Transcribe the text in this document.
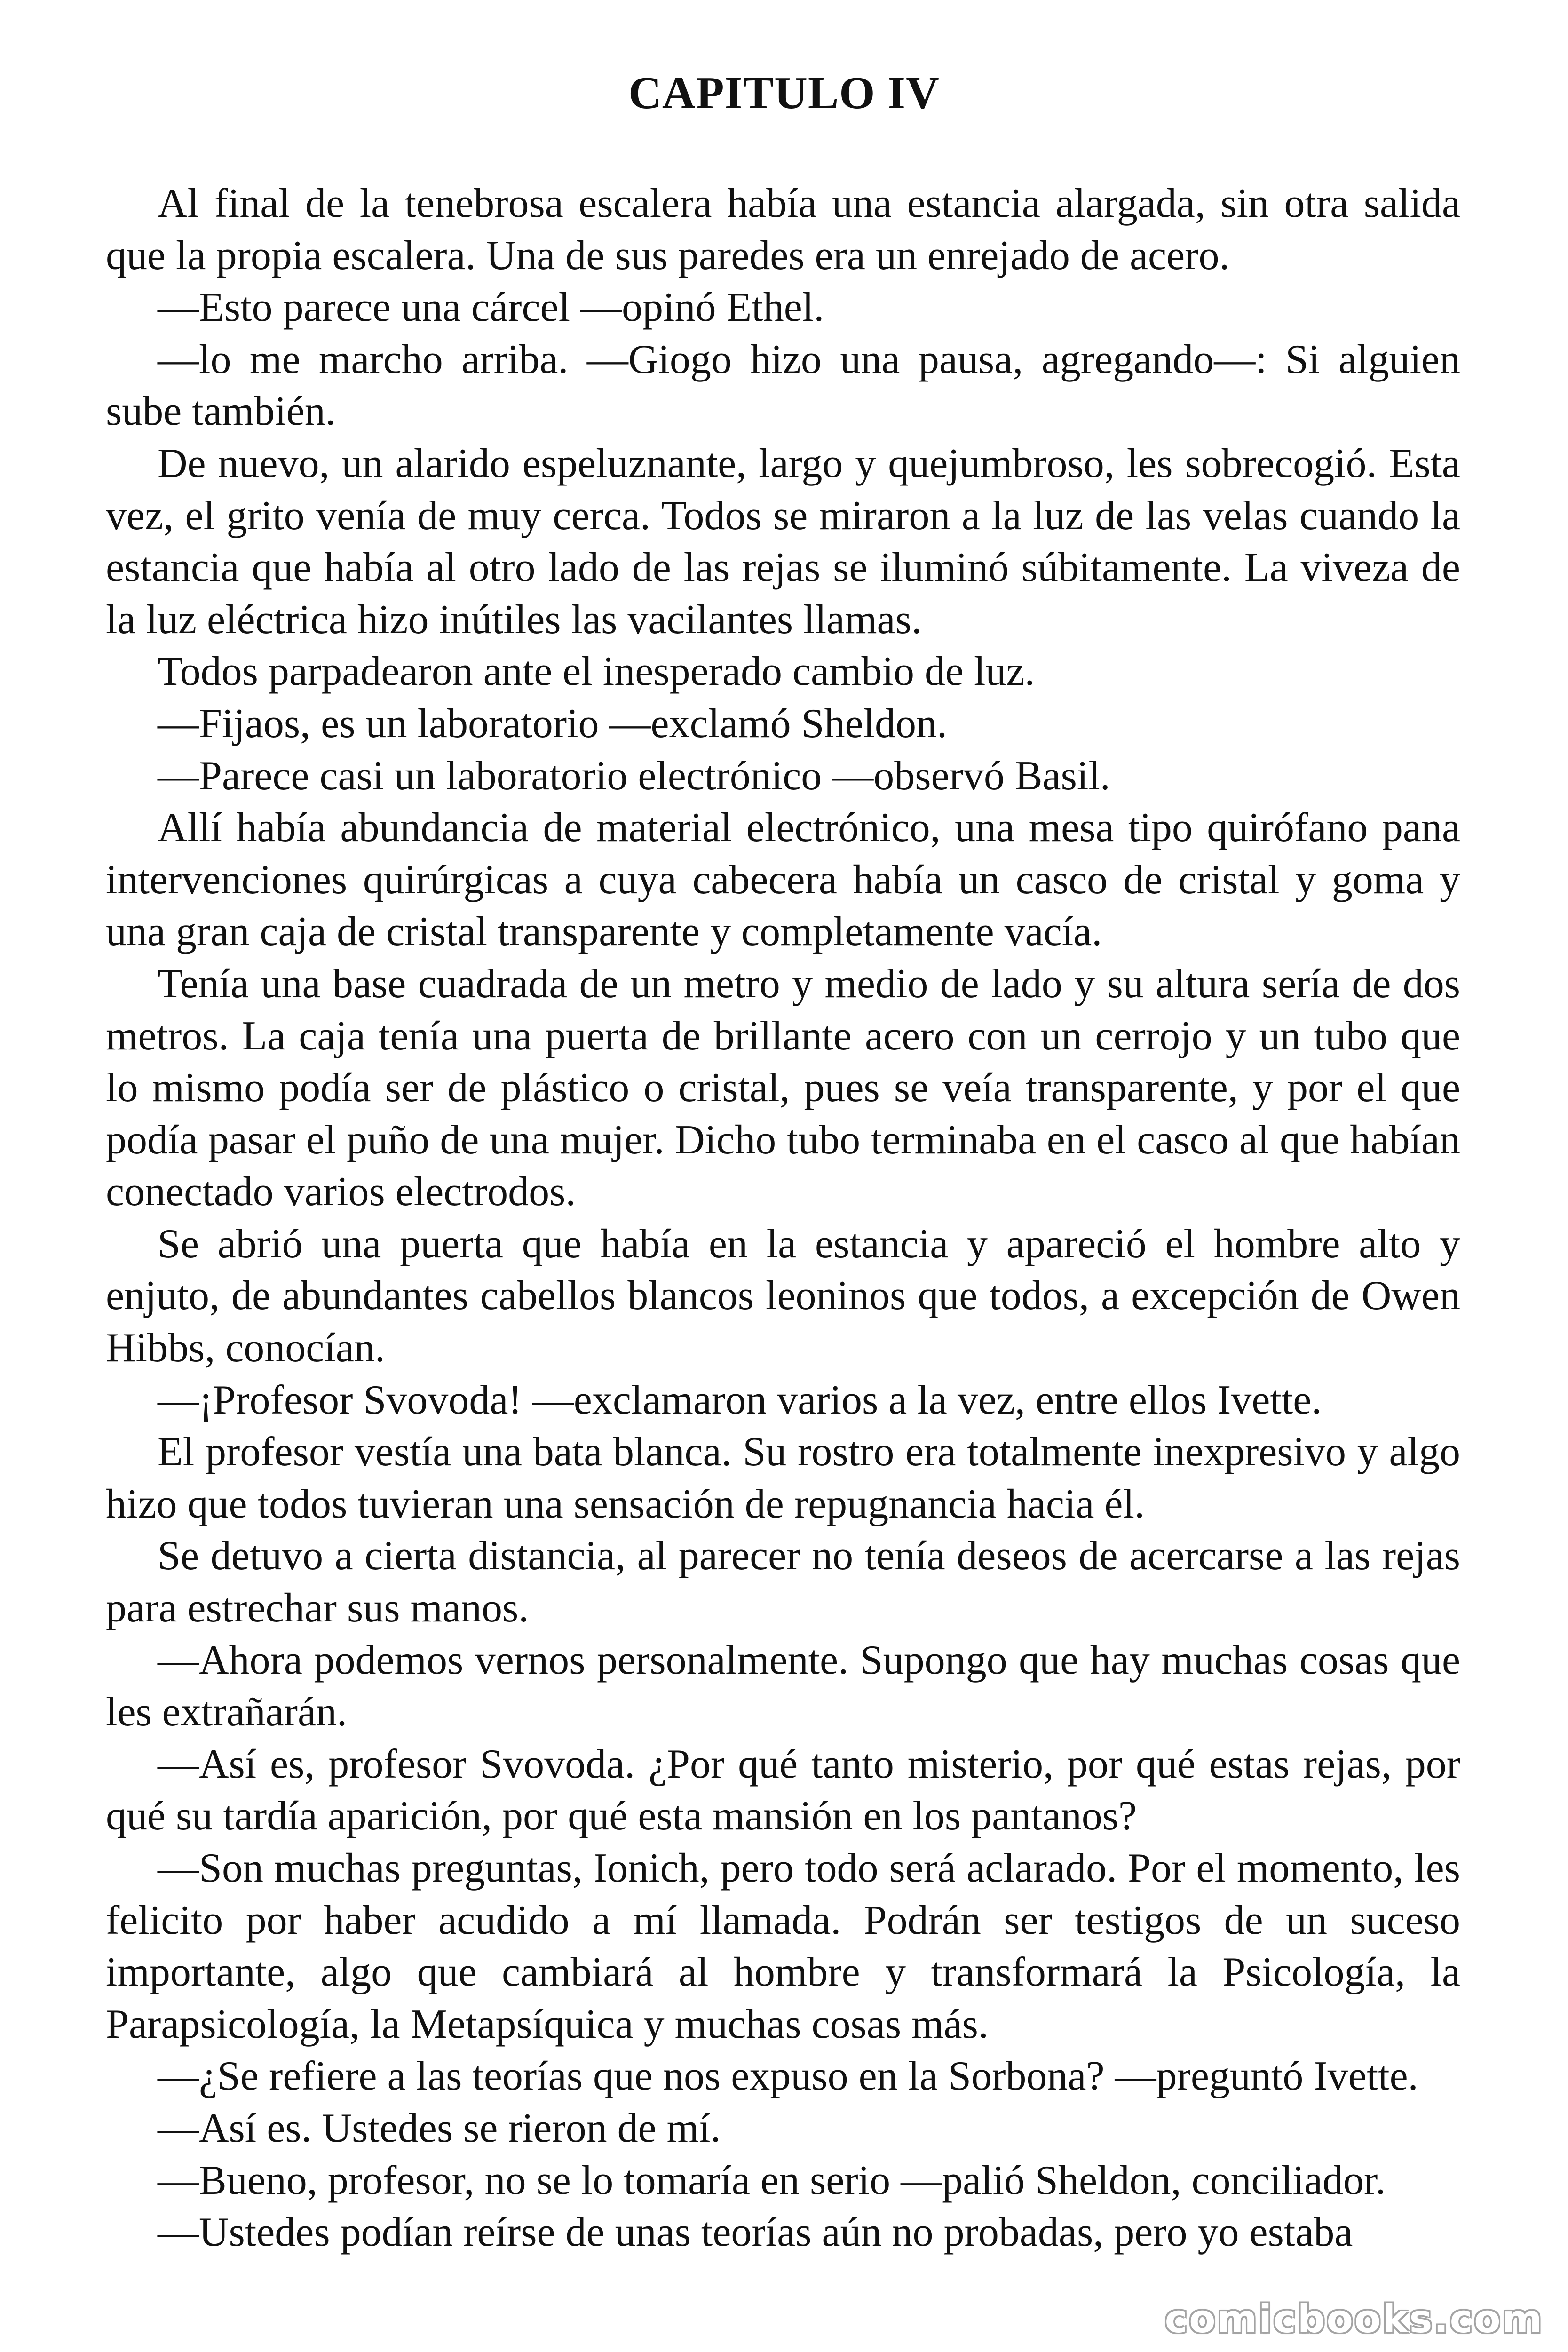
CAPITULO IV

Al final de la tenebrosa escalera había una estancia alargada, sin otra salida que la propia escalera. Una de sus paredes era un enrejado de acero.

—Esto parece una cárcel —opinó Ethel.

—lo me marcho arriba. —Giogo hizo una pausa, agregando—: Si alguien sube también.

De nuevo, un alarido espeluznante, largo y quejumbroso, les sobrecogió. Esta vez, el grito venía de muy cerca. Todos se miraron a la luz de las velas cuando la estancia que había al otro lado de las rejas se iluminó súbitamente. La viveza de la luz eléctrica hizo inútiles las vacilantes llamas.

Todos parpadearon ante el inesperado cambio de luz.

—Fijaos, es un laboratorio —exclamó Sheldon.

—Parece casi un laboratorio electrónico —observó Basil.

Allí había abundancia de material electrónico, una mesa tipo quirófano pana intervenciones quirúrgicas a cuya cabecera había un casco de cristal y goma y una gran caja de cristal transparente y completamente vacía.

Tenía una base cuadrada de un metro y medio de lado y su altura sería de dos metros. La caja tenía una puerta de brillante acero con un cerrojo y un tubo que lo mismo podía ser de plástico o cristal, pues se veía transparente, y por el que podía pasar el puño de una mujer. Dicho tubo terminaba en el casco al que habían conectado varios electrodos.

Se abrió una puerta que había en la estancia y apareció el hombre alto y enjuto, de abundantes cabellos blancos leoninos que todos, a excepción de Owen Hibbs, conocían.

—¡Profesor Svovoda! —exclamaron varios a la vez, entre ellos Ivette.

El profesor vestía una bata blanca. Su rostro era totalmente inexpresivo y algo hizo que todos tuvieran una sensación de repugnancia hacia él.

Se detuvo a cierta distancia, al parecer no tenía deseos de acercarse a las rejas para estrechar sus manos.

—Ahora podemos vernos personalmente. Supongo que hay muchas cosas que les extrañarán.

—Así es, profesor Svovoda. ¿Por qué tanto misterio, por qué estas rejas, por qué su tardía aparición, por qué esta mansión en los pantanos?

—Son muchas preguntas, Ionich, pero todo será aclarado. Por el momento, les felicito por haber acudido a mí llamada. Podrán ser testigos de un suceso importante, algo que cambiará al hombre y transformará la Psicología, la Parapsicología, la Metapsíquica y muchas cosas más.

—¿Se refiere a las teorías que nos expuso en la Sorbona? —preguntó Ivette.

—Así es. Ustedes se rieron de mí.

—Bueno, profesor, no se lo tomaría en serio —palió Sheldon, conciliador.

—Ustedes podían reírse de unas teorías aún no probadas, pero yo estaba

comicbooks.com
